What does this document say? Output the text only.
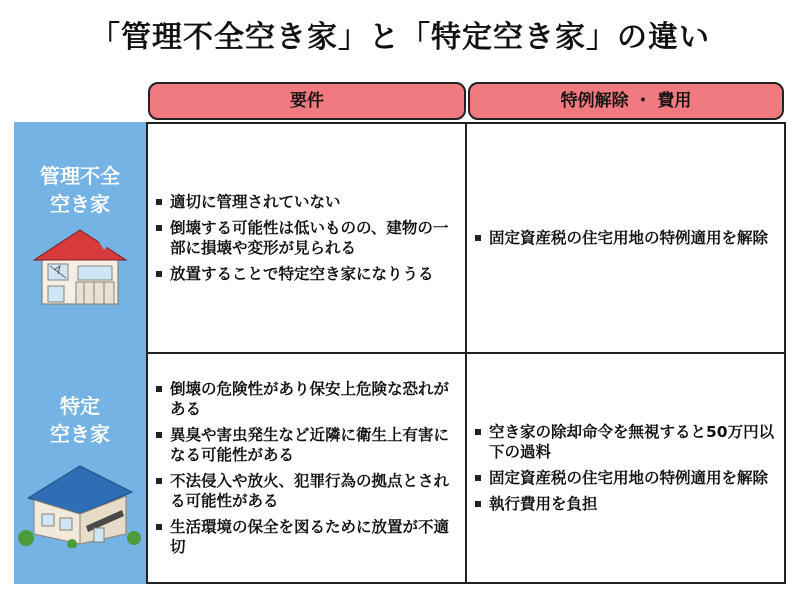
「管理不全空き家」と「特定空き家」の違い
要件	特例解除 ・ 費用
管理不全
空き家
特定
空き家
適切に管理されていない
倒壊する可能性は低いものの、建物の一部に損壊や変形が見られる
放置することで特定空き家になりうる
固定資産税の住宅用地の特例適用を解除
倒壊の危険性があり保安上危険な恐れがある
異臭や害虫発生など近隣に衛生上有害になる可能性がある
不法侵入や放火、犯罪行為の拠点とされる可能性がある
生活環境の保全を図るために放置が不適切
空き家の除却命令を無視すると50万円以下の過料
固定資産税の住宅用地の特例適用を解除
執行費用を負担
